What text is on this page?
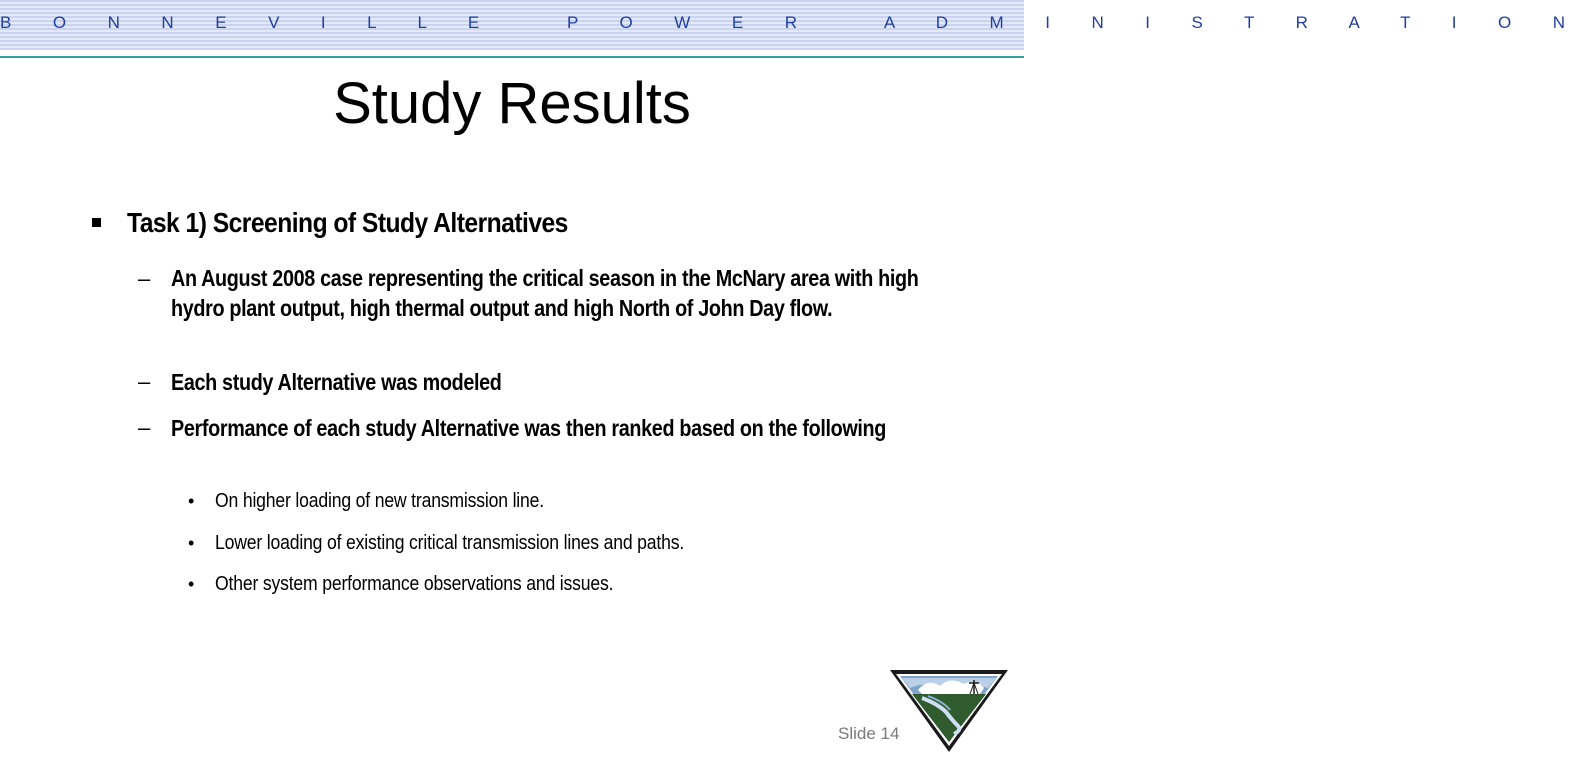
B O N N E V I L L E   P O W E R   A D M I N I S T R A T I O N
Study Results
Task 1) Screening of Study Alternatives
– An August 2008 case representing the critical season in the McNary area with high hydro plant output, high thermal output and high North of John Day flow.
– Each study Alternative was modeled
– Performance of each study Alternative was then ranked based on the following
• On higher loading of new transmission line.
• Lower loading of existing critical transmission lines and paths.
• Other system performance observations and issues.
Slide 14
